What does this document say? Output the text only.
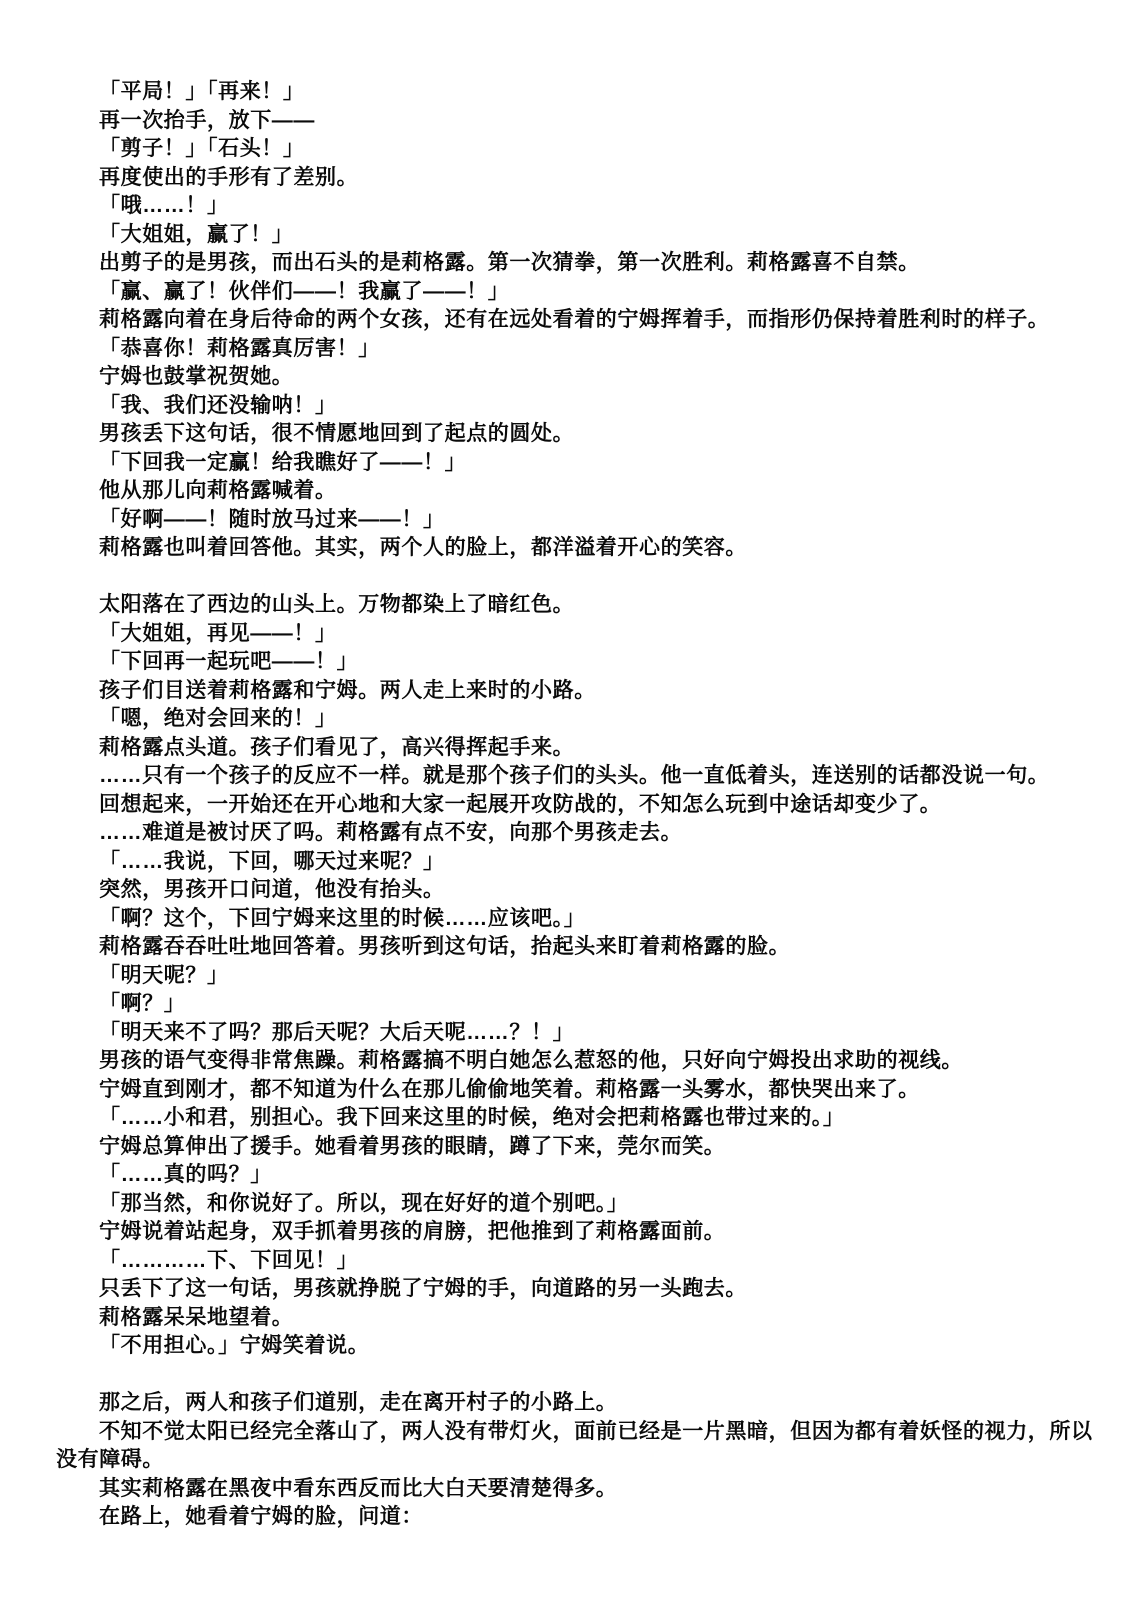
「平局！」「再来！」

再一次抬手，放下——

「剪子！」「石头！」

再度使出的手形有了差别。

「哦……！」

「大姐姐，赢了！」

出剪子的是男孩，而出石头的是莉格露。第一次猜拳，第一次胜利。莉格露喜不自禁。

「赢、赢了！伙伴们——！我赢了——！」

莉格露向着在身后待命的两个女孩，还有在远处看着的宁姆挥着手，而指形仍保持着胜利时的样子。

「恭喜你！莉格露真厉害！」

宁姆也鼓掌祝贺她。

「我、我们还没输呐！」

男孩丢下这句话，很不情愿地回到了起点的圆处。

「下回我一定赢！给我瞧好了——！」

他从那儿向莉格露喊着。

「好啊——！随时放马过来——！」

莉格露也叫着回答他。其实，两个人的脸上，都洋溢着开心的笑容。

太阳落在了西边的山头上。万物都染上了暗红色。

「大姐姐，再见——！」

「下回再一起玩吧——！」

孩子们目送着莉格露和宁姆。两人走上来时的小路。

「嗯，绝对会回来的！」

莉格露点头道。孩子们看见了，高兴得挥起手来。

……只有一个孩子的反应不一样。就是那个孩子们的头头。他一直低着头，连送别的话都没说一句。

回想起来，一开始还在开心地和大家一起展开攻防战的，不知怎么玩到中途话却变少了。

……难道是被讨厌了吗。莉格露有点不安，向那个男孩走去。

「……我说，下回，哪天过来呢？」

突然，男孩开口问道，他没有抬头。

「啊？这个，下回宁姆来这里的时候……应该吧。」

莉格露吞吞吐吐地回答着。男孩听到这句话，抬起头来盯着莉格露的脸。

「明天呢？」

「啊？」

「明天来不了吗？那后天呢？大后天呢……？！」

男孩的语气变得非常焦躁。莉格露搞不明白她怎么惹怒的他，只好向宁姆投出求助的视线。

宁姆直到刚才，都不知道为什么在那儿偷偷地笑着。莉格露一头雾水，都快哭出来了。

「……小和君，别担心。我下回来这里的时候，绝对会把莉格露也带过来的。」

宁姆总算伸出了援手。她看着男孩的眼睛，蹲了下来，莞尔而笑。

「……真的吗？」

「那当然，和你说好了。所以，现在好好的道个别吧。」

宁姆说着站起身，双手抓着男孩的肩膀，把他推到了莉格露面前。

「…………下、下回见！」

只丢下了这一句话，男孩就挣脱了宁姆的手，向道路的另一头跑去。

莉格露呆呆地望着。

「不用担心。」宁姆笑着说。

那之后，两人和孩子们道别，走在离开村子的小路上。

不知不觉太阳已经完全落山了，两人没有带灯火，面前已经是一片黑暗，但因为都有着妖怪的视力，所以没有障碍。

其实莉格露在黑夜中看东西反而比大白天要清楚得多。

在路上，她看着宁姆的脸，问道：
